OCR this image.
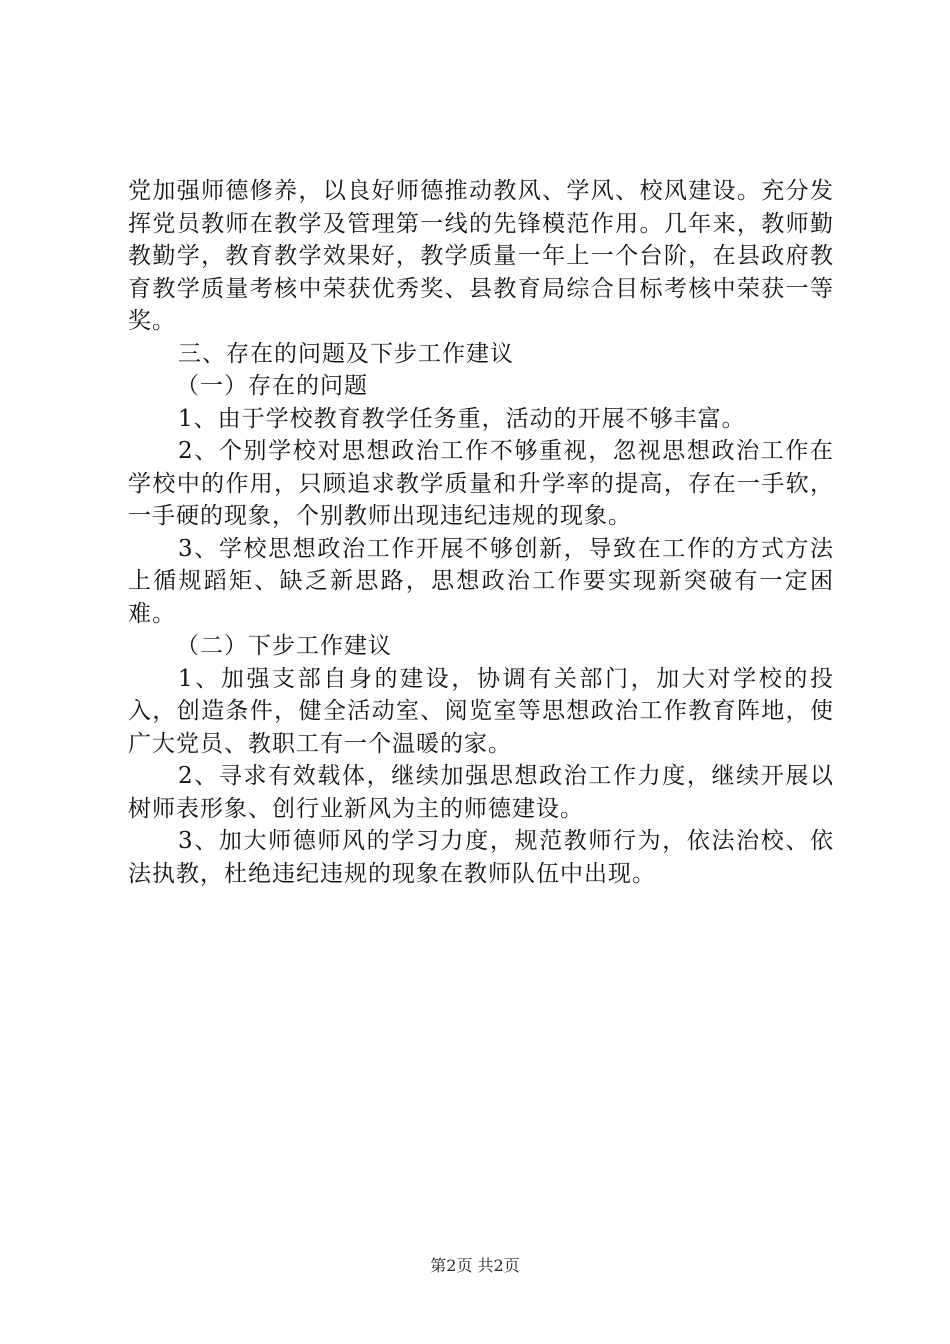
党加强师德修养，以良好师德推动教风、学风、校风建设。充分发挥党员教师在教学及管理第一线的先锋模范作用。几年来，教师勤教勤学，教育教学效果好，教学质量一年上一个台阶，在县政府教育教学质量考核中荣获优秀奖、县教育局综合目标考核中荣获一等奖。

三、存在的问题及下步工作建议

（一）存在的问题

1、由于学校教育教学任务重，活动的开展不够丰富。

2、个别学校对思想政治工作不够重视，忽视思想政治工作在学校中的作用，只顾追求教学质量和升学率的提高，存在一手软，一手硬的现象，个别教师出现违纪违规的现象。

3、学校思想政治工作开展不够创新，导致在工作的方式方法上循规蹈矩、缺乏新思路，思想政治工作要实现新突破有一定困难。

（二）下步工作建议

1、加强支部自身的建设，协调有关部门，加大对学校的投入，创造条件，健全活动室、阅览室等思想政治工作教育阵地，使广大党员、教职工有一个温暖的家。

2、寻求有效载体，继续加强思想政治工作力度，继续开展以树师表形象、创行业新风为主的师德建设。

3、加大师德师风的学习力度，规范教师行为，依法治校、依法执教，杜绝违纪违规的现象在教师队伍中出现。

第2页 共2页
